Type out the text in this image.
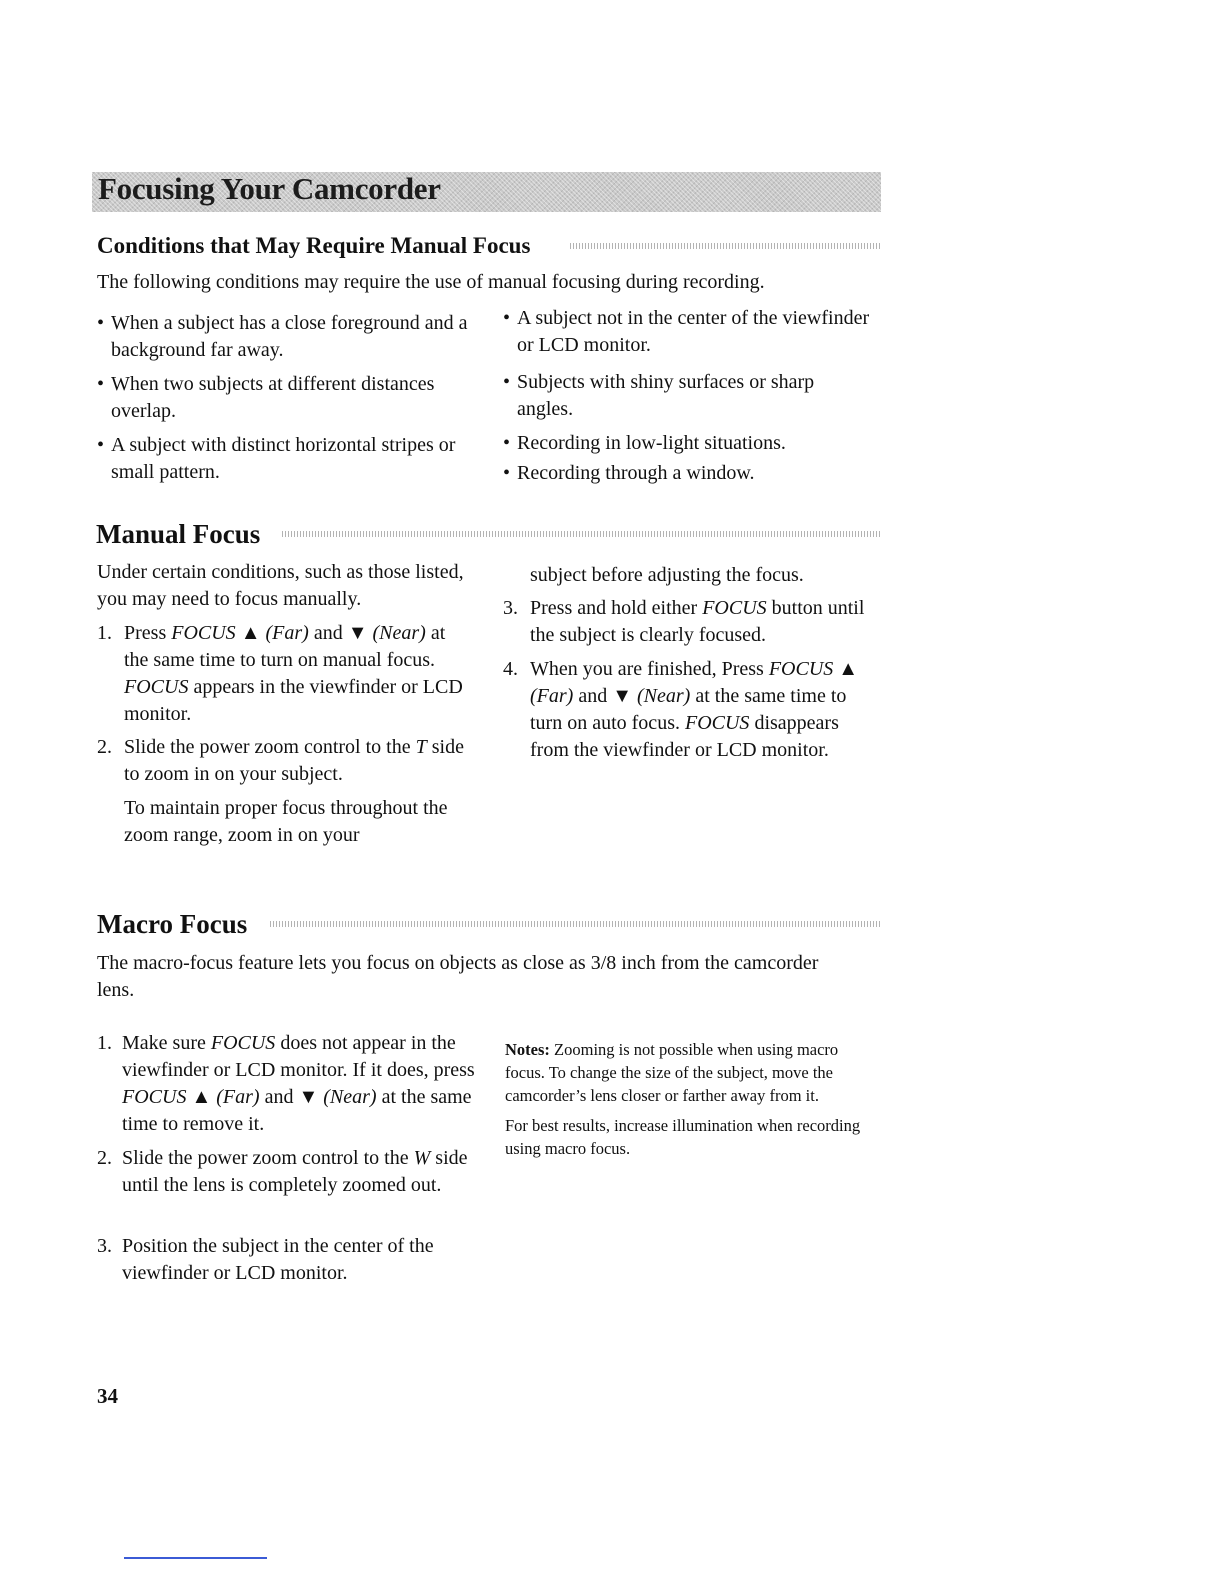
Focusing Your Camcorder
Conditions that May Require Manual Focus
The following conditions may require the use of manual focusing during recording.
• When a subject has a close foreground and a background far away.
• When two subjects at different distances overlap.
• A subject with distinct horizontal stripes or small pattern.
• A subject not in the center of the viewfinder or LCD monitor.
• Subjects with shiny surfaces or sharp angles.
• Recording in low-light situations.
• Recording through a window.
Manual Focus
Under certain conditions, such as those listed, you may need to focus manually.
1. Press FOCUS ▲ (Far) and ▼ (Near) at the same time to turn on manual focus. FOCUS appears in the viewfinder or LCD monitor.
2. Slide the power zoom control to the T side to zoom in on your subject.
To maintain proper focus throughout the zoom range, zoom in on your
subject before adjusting the focus.
3. Press and hold either FOCUS button until the subject is clearly focused.
4. When you are finished, Press FOCUS ▲ (Far) and ▼ (Near) at the same time to turn on auto focus. FOCUS disappears from the viewfinder or LCD monitor.
Macro Focus
The macro-focus feature lets you focus on objects as close as 3/8 inch from the camcorder lens.
1. Make sure FOCUS does not appear in the viewfinder or LCD monitor. If it does, press FOCUS ▲ (Far) and ▼ (Near) at the same time to remove it.
2. Slide the power zoom control to the W side until the lens is completely zoomed out.
3. Position the subject in the center of the viewfinder or LCD monitor.
Notes: Zooming is not possible when using macro focus. To change the size of the subject, move the camcorder’s lens closer or farther away from it.
For best results, increase illumination when recording using macro focus.
34
